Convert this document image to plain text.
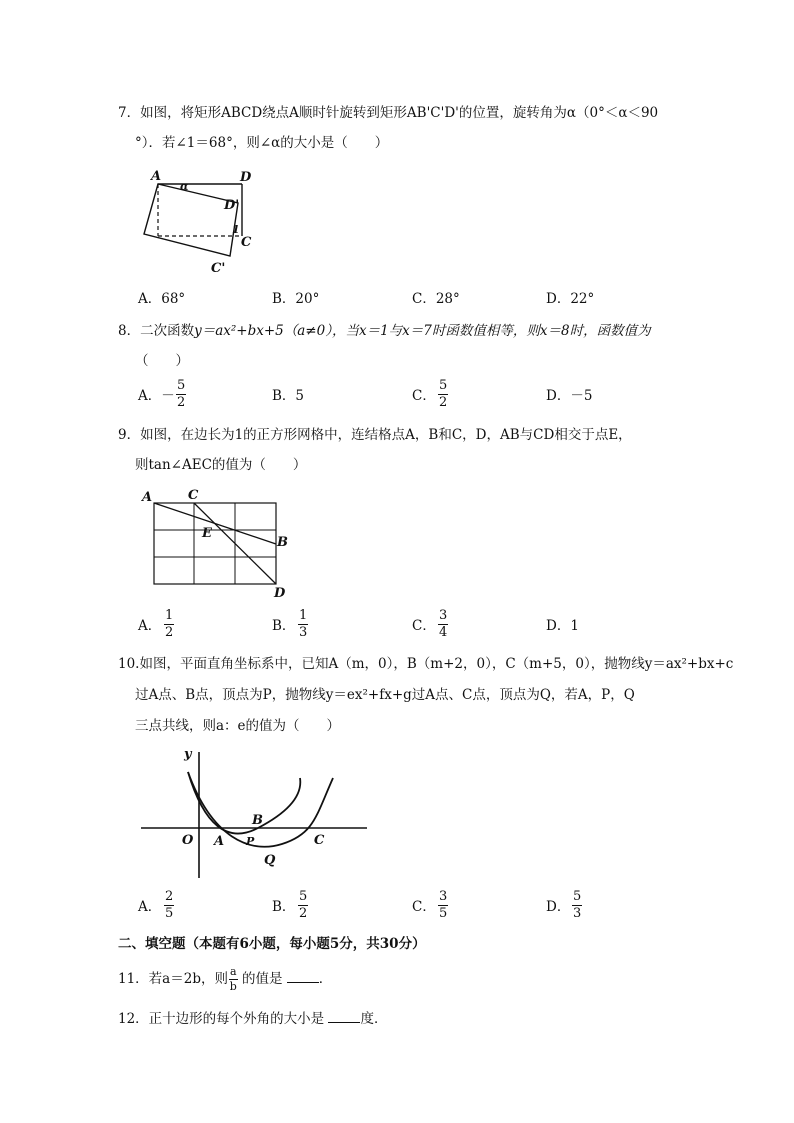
7．如图，将矩形ABCD绕点A顺时针旋转到矩形AB'C'D'的位置，旋转角为α（0°＜α＜90
°）．若∠1＝68°，则∠α的大小是（　　）
A	D
α
D'
1
C
C'
A．68°	B．20°	C．28°	D．22°
8．二次函数y＝ax²+bx+5（a≠0），当x＝1与x＝7时函数值相等，则x＝8时，函数值为
（　　）
A．－
5
2	B．5	C．
5
2	D．－5
9．如图，在边长为1的正方形网格中，连结格点A，B和C，D，AB与CD相交于点E，
则tan∠AEC的值为（　　）
A	C
E
B
D
A．
1
2	B．
1
3	C．
3
4	D．1
10.如图，平面直角坐标系中，已知A（m，0），B（m+2，0），C（m+5，0），抛物线y＝ax²+bx+c
过A点、B点，顶点为P，抛物线y＝ex²+fx+g过A点、C点，顶点为Q，若A，P，Q
三点共线，则a：e的值为（　　）
y
O A
B
P
Q
C
A．
2
5	B．
5
2	C．
3
5	D．
5
3
二、填空题（本题有6小题，每小题5分，共30分）
11．若a＝2b，则 a
b 的值是	．
12．正十边形的每个外角的大小是	度．
